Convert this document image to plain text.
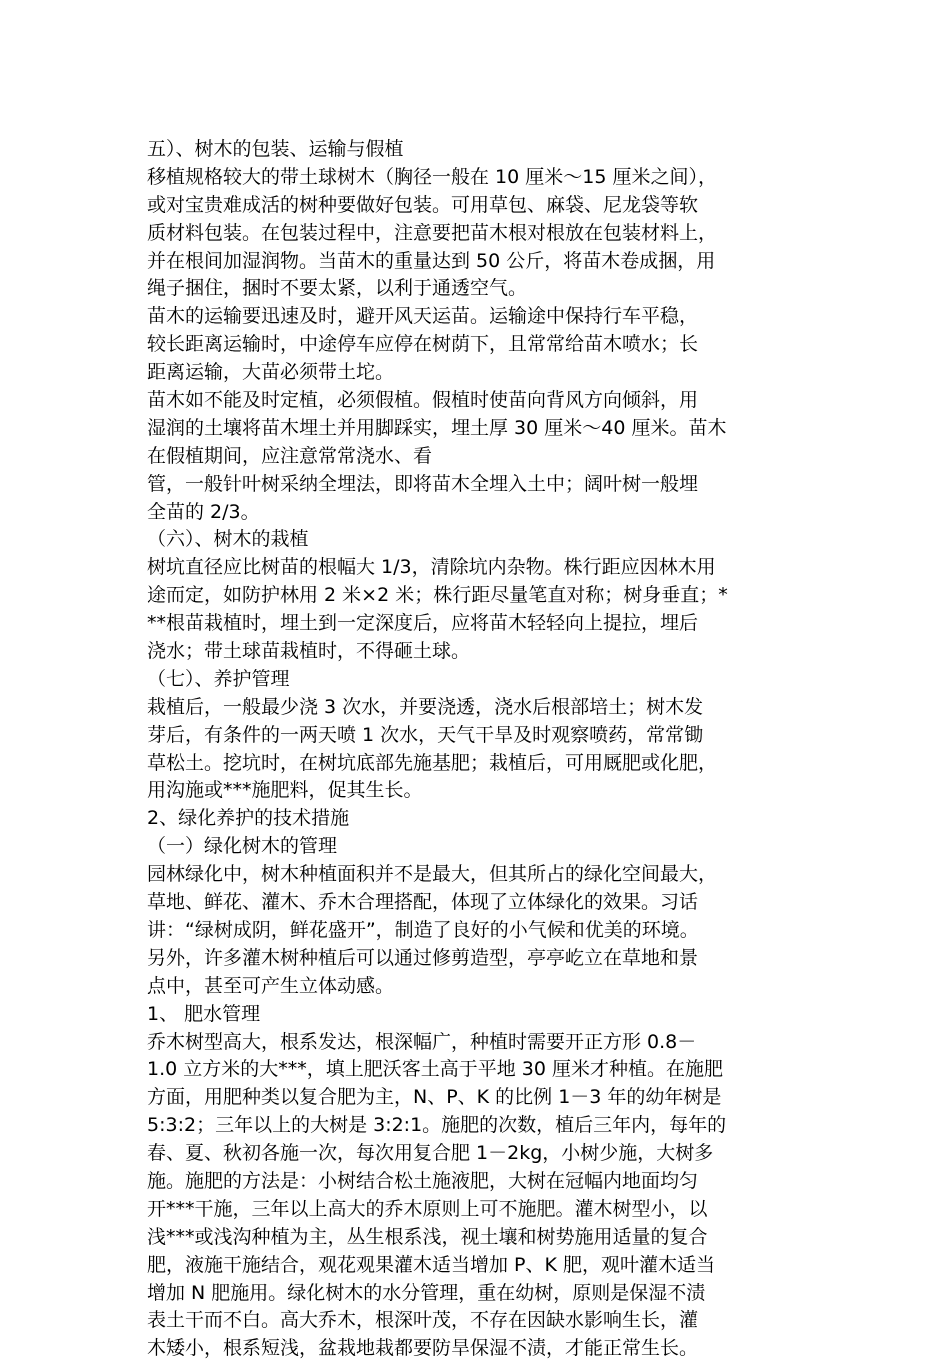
五）、树木的包装、运输与假植
移植规格较大的带土球树木（胸径一般在 10 厘米～15 厘米之间），
或对宝贵难成活的树种要做好包装。可用草包、麻袋、尼龙袋等软
质材料包装。在包装过程中，注意要把苗木根对根放在包装材料上，
并在根间加湿润物。当苗木的重量达到 50 公斤，将苗木卷成捆，用
绳子捆住，捆时不要太紧，以利于通透空气。
苗木的运输要迅速及时，避开风天运苗。运输途中保持行车平稳，
较长距离运输时，中途停车应停在树荫下，且常常给苗木喷水；长
距离运输，大苗必须带土坨。
苗木如不能及时定植，必须假植。假植时使苗向背风方向倾斜，用
湿润的土壤将苗木埋土并用脚踩实，埋土厚 30 厘米～40 厘米。苗木
在假植期间，应注意常常浇水、看
管，一般针叶树采纳全埋法，即将苗木全埋入土中；阔叶树一般埋
全苗的 2/3。
（六）、树木的栽植
树坑直径应比树苗的根幅大 1/3，清除坑内杂物。株行距应因林木用
途而定，如防护林用 2 米×2 米；株行距尽量笔直对称；树身垂直；*
**根苗栽植时，埋土到一定深度后，应将苗木轻轻向上提拉，埋后
浇水；带土球苗栽植时，不得砸土球。
（七）、养护管理
栽植后，一般最少浇 3 次水，并要浇透，浇水后根部培土；树木发
芽后，有条件的一两天喷 1 次水，天气干旱及时观察喷药，常常锄
草松土。挖坑时，在树坑底部先施基肥；栽植后，可用厩肥或化肥，
用沟施或***施肥料，促其生长。
2、绿化养护的技术措施
（一）绿化树木的管理
园林绿化中，树木种植面积并不是最大，但其所占的绿化空间最大，
草地、鲜花、灌木、乔木合理搭配，体现了立体绿化的效果。习话
讲：“绿树成阴，鲜花盛开”，制造了良好的小气候和优美的环境。
另外，许多灌木树种植后可以通过修剪造型，亭亭屹立在草地和景
点中，甚至可产生立体动感。
1、 肥水管理
乔木树型高大，根系发达，根深幅广，种植时需要开正方形 0.8－
1.0 立方米的大***，填上肥沃客土高于平地 30 厘米才种植。在施肥
方面，用肥种类以复合肥为主，N、P、K 的比例 1－3 年的幼年树是
5:3:2；三年以上的大树是 3:2:1。施肥的次数，植后三年内，每年的
春、夏、秋初各施一次，每次用复合肥 1－2kg，小树少施，大树多
施。施肥的方法是：小树结合松土施液肥，大树在冠幅内地面均匀
开***干施，三年以上高大的乔木原则上可不施肥。灌木树型小，以
浅***或浅沟种植为主，丛生根系浅，视土壤和树势施用适量的复合
肥，液施干施结合，观花观果灌木适当增加 P、K 肥，观叶灌木适当
增加 N 肥施用。绿化树木的水分管理，重在幼树，原则是保湿不渍
表土干而不白。高大乔木，根深叶茂，不存在因缺水影响生长，灌
木矮小，根系短浅，盆栽地栽都要防旱保湿不渍，才能正常生长。
